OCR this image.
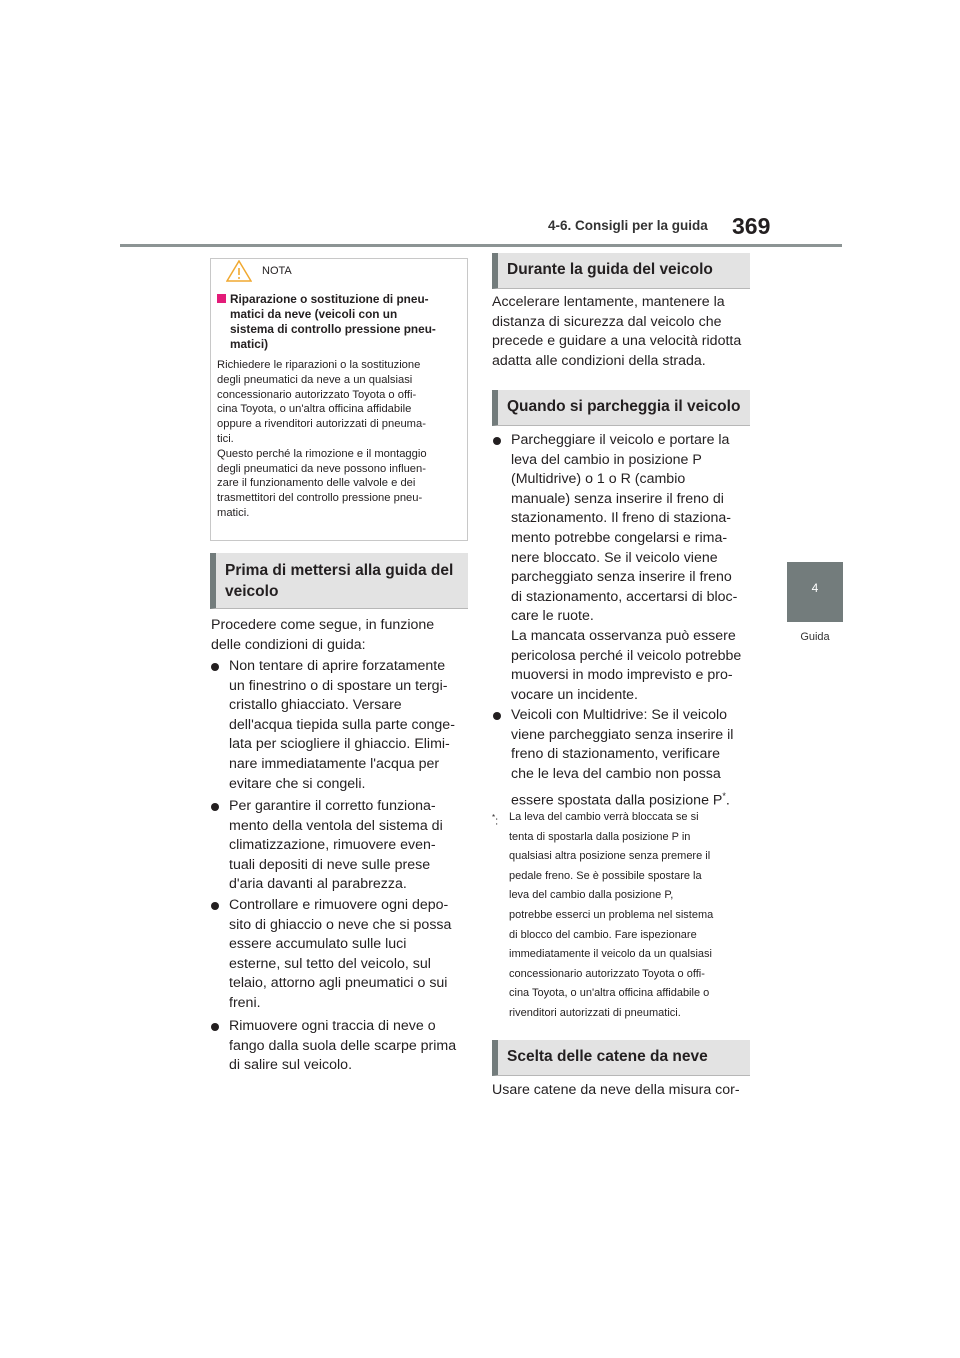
4-6. Consigli per la guida 369
4
Guida
NOTA
Riparazione o sostituzione di pneu-
matici da neve (veicoli con un
sistema di controllo pressione pneu-
matici)
Richiedere le riparazioni o la sostituzione
degli pneumatici da neve a un qualsiasi
concessionario autorizzato Toyota o offi-
cina Toyota, o un'altra officina affidabile
oppure a rivenditori autorizzati di pneuma-
tici.
Questo perché la rimozione e il montaggio
degli pneumatici da neve possono influen-
zare il funzionamento delle valvole e dei
trasmettitori del controllo pressione pneu-
matici.
Prima di mettersi alla guida del
veicolo
Procedere come segue, in funzione
delle condizioni di guida:
Non tentare di aprire forzatamente
un finestrino o di spostare un tergi-
cristallo ghiacciato. Versare
dell'acqua tiepida sulla parte conge-
lata per sciogliere il ghiaccio. Elimi-
nare immediatamente l'acqua per
evitare che si congeli.
Per garantire il corretto funziona-
mento della ventola del sistema di
climatizzazione, rimuovere even-
tuali depositi di neve sulle prese
d'aria davanti al parabrezza.
Controllare e rimuovere ogni depo-
sito di ghiaccio o neve che si possa
essere accumulato sulle luci
esterne, sul tetto del veicolo, sul
telaio, attorno agli pneumatici o sui
freni.
Rimuovere ogni traccia di neve o
fango dalla suola delle scarpe prima
di salire sul veicolo.
Durante la guida del veicolo
Accelerare lentamente, mantenere la
distanza di sicurezza dal veicolo che
precede e guidare a una velocità ridotta
adatta alle condizioni della strada.
Quando si parcheggia il veicolo
Parcheggiare il veicolo e portare la
leva del cambio in posizione P
(Multidrive) o 1 o R (cambio
manuale) senza inserire il freno di
stazionamento. Il freno di staziona-
mento potrebbe congelarsi e rima-
nere bloccato. Se il veicolo viene
parcheggiato senza inserire il freno
di stazionamento, accertarsi di bloc-
care le ruote.
La mancata osservanza può essere
pericolosa perché il veicolo potrebbe
muoversi in modo imprevisto e pro-
vocare un incidente.
Veicoli con Multidrive: Se il veicolo
viene parcheggiato senza inserire il
freno di stazionamento, verificare
che le leva del cambio non possa
essere spostata dalla posizione P*.
*: La leva del cambio verrà bloccata se si
tenta di spostarla dalla posizione P in
qualsiasi altra posizione senza premere il
pedale freno. Se è possibile spostare la
leva del cambio dalla posizione P,
potrebbe esserci un problema nel sistema
di blocco del cambio. Fare ispezionare
immediatamente il veicolo da un qualsiasi
concessionario autorizzato Toyota o offi-
cina Toyota, o un'altra officina affidabile o
rivenditori autorizzati di pneumatici.
Scelta delle catene da neve
Usare catene da neve della misura cor-
